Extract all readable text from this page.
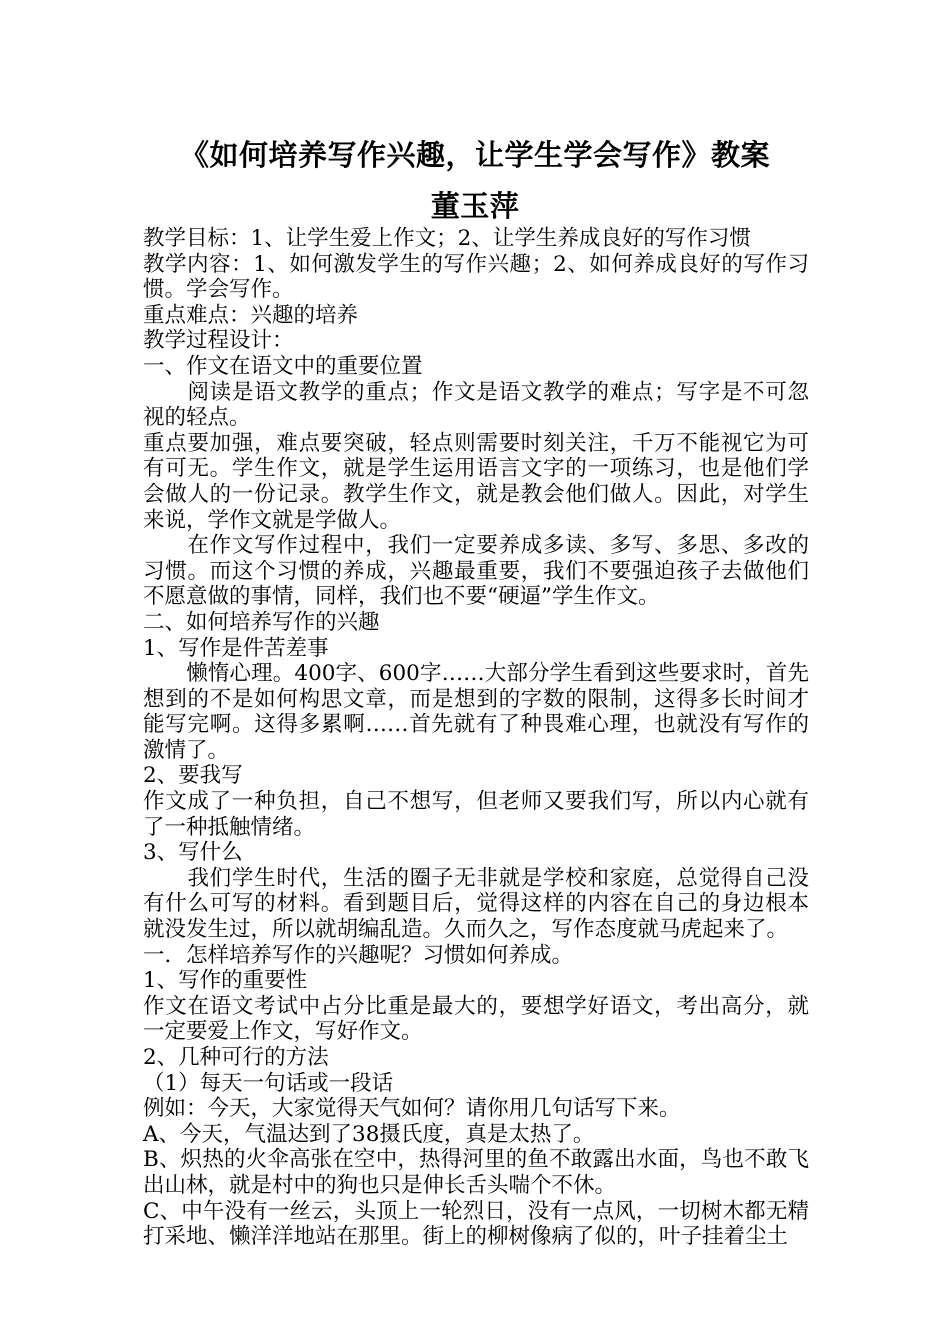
《如何培养写作兴趣，让学生学会写作》教案
董玉萍

教学目标：1、让学生爱上作文；2、让学生养成良好的写作习惯

教学内容：1、如何激发学生的写作兴趣；2、如何养成良好的写作习惯。学会写作。

重点难点：兴趣的培养

教学过程设计：

一、作文在语文中的重要位置

　　阅读是语文教学的重点；作文是语文教学的难点；写字是不可忽视的轻点。

重点要加强，难点要突破，轻点则需要时刻关注，千万不能视它为可有可无。学生作文，就是学生运用语言文字的一项练习，也是他们学会做人的一份记录。教学生作文，就是教会他们做人。因此，对学生来说，学作文就是学做人。

　　在作文写作过程中，我们一定要养成多读、多写、多思、多改的习惯。而这个习惯的养成，兴趣最重要，我们不要强迫孩子去做他们不愿意做的事情，同样，我们也不要“硬逼”学生作文。

二、如何培养写作的兴趣

1、写作是件苦差事

　　懒惰心理。400字、600字……大部分学生看到这些要求时，首先想到的不是如何构思文章，而是想到的字数的限制，这得多长时间才能写完啊。这得多累啊……首先就有了种畏难心理，也就没有写作的激情了。

2、要我写

作文成了一种负担，自己不想写，但老师又要我们写，所以内心就有了一种抵触情绪。

3、写什么

　　我们学生时代，生活的圈子无非就是学校和家庭，总觉得自己没有什么可写的材料。看到题目后，觉得这样的内容在自己的身边根本就没发生过，所以就胡编乱造。久而久之，写作态度就马虎起来了。

一．怎样培养写作的兴趣呢？习惯如何养成。

1、写作的重要性

作文在语文考试中占分比重是最大的，要想学好语文，考出高分，就一定要爱上作文，写好作文。

2、几种可行的方法

（1）每天一句话或一段话

例如：今天，大家觉得天气如何？请你用几句话写下来。

A、今天，气温达到了38摄氏度，真是太热了。

B、炽热的火伞高张在空中，热得河里的鱼不敢露出水面，鸟也不敢飞出山林，就是村中的狗也只是伸长舌头喘个不休。

C、中午没有一丝云，头顶上一轮烈日，没有一点风，一切树木都无精打采地、懒洋洋地站在那里。街上的柳树像病了似的，叶子挂着尘土
